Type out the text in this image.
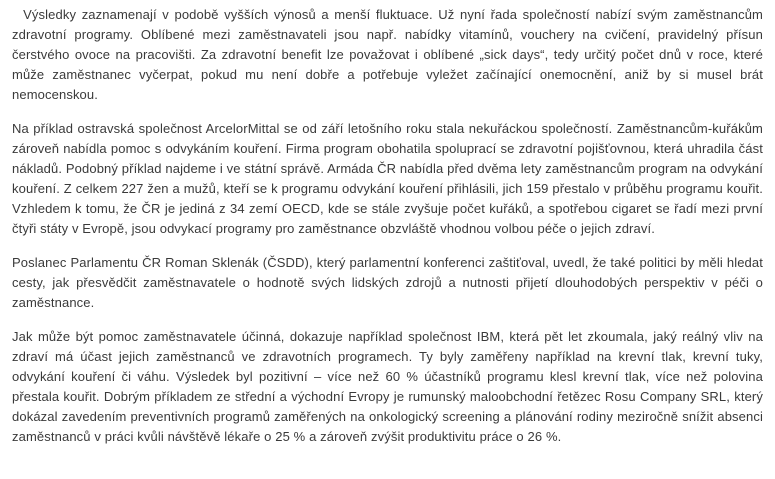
Výsledky zaznamenají v podobě vyšších výnosů a menší fluktuace. Už nyní řada společností nabízí svým zaměstnancům zdravotní programy. Oblíbené mezi zaměstnavateli jsou např. nabídky vitamínů, vouchery na cvičení, pravidelný přísun čerstvého ovoce na pracovišti. Za zdravotní benefit lze považovat i oblíbené „sick days“, tedy určitý počet dnů v roce, které může zaměstnanec vyčerpat, pokud mu není dobře a potřebuje vyležet začínající onemocnění, aniž by si musel brát nemocenskou.

Na příklad ostravská společnost ArcelorMittal se od září letošního roku stala nekuřáckou společností. Zaměstnancům-kuřákům zároveň nabídla pomoc s odvykáním kouření. Firma program obohatila spoluprací se zdravotní pojišťovnou, která uhradila část nákladů. Podobný příklad najdeme i ve státní správě. Armáda ČR nabídla před dvěma lety zaměstnancům program na odvykání kouření. Z celkem 227 žen a mužů, kteří se k programu odvykání kouření přihlásili, jich 159 přestalo v průběhu programu kouřit. Vzhledem k tomu, že ČR je jediná z 34 zemí OECD, kde se stále zvyšuje počet kuřáků, a spotřebou cigaret se řadí mezi první čtyři státy v Evropě, jsou odvykací programy pro zaměstnance obzvláště vhodnou volbou péče o jejich zdraví.

Poslanec Parlamentu ČR Roman Sklenák (ČSDD), který parlamentní konferenci zaštiťoval, uvedl, že také politici by měli hledat cesty, jak přesvědčit zaměstnavatele o hodnotě svých lidských zdrojů a nutnosti přijetí dlouhodobých perspektiv v péči o zaměstnance.

Jak může být pomoc zaměstnavatele účinná, dokazuje například společnost IBM, která pět let zkoumala, jaký reálný vliv na zdraví má účast jejich zaměstnanců ve zdravotních programech. Ty byly zaměřeny například na krevní tlak, krevní tuky, odvykání kouření či váhu. Výsledek byl pozitivní – více než 60 % účastníků programu klesl krevní tlak, více než polovina přestala kouřit. Dobrým příkladem ze střední a východní Evropy je rumunský maloobchodní řetězec Rosu Company SRL, který dokázal zavedením preventivních programů zaměřených na onkologický screening a plánování rodiny meziročně snížit absenci zaměstnanců v práci kvůli návštěvě lékaře o 25 % a zároveň zvýšit produktivitu práce o 26 %.
